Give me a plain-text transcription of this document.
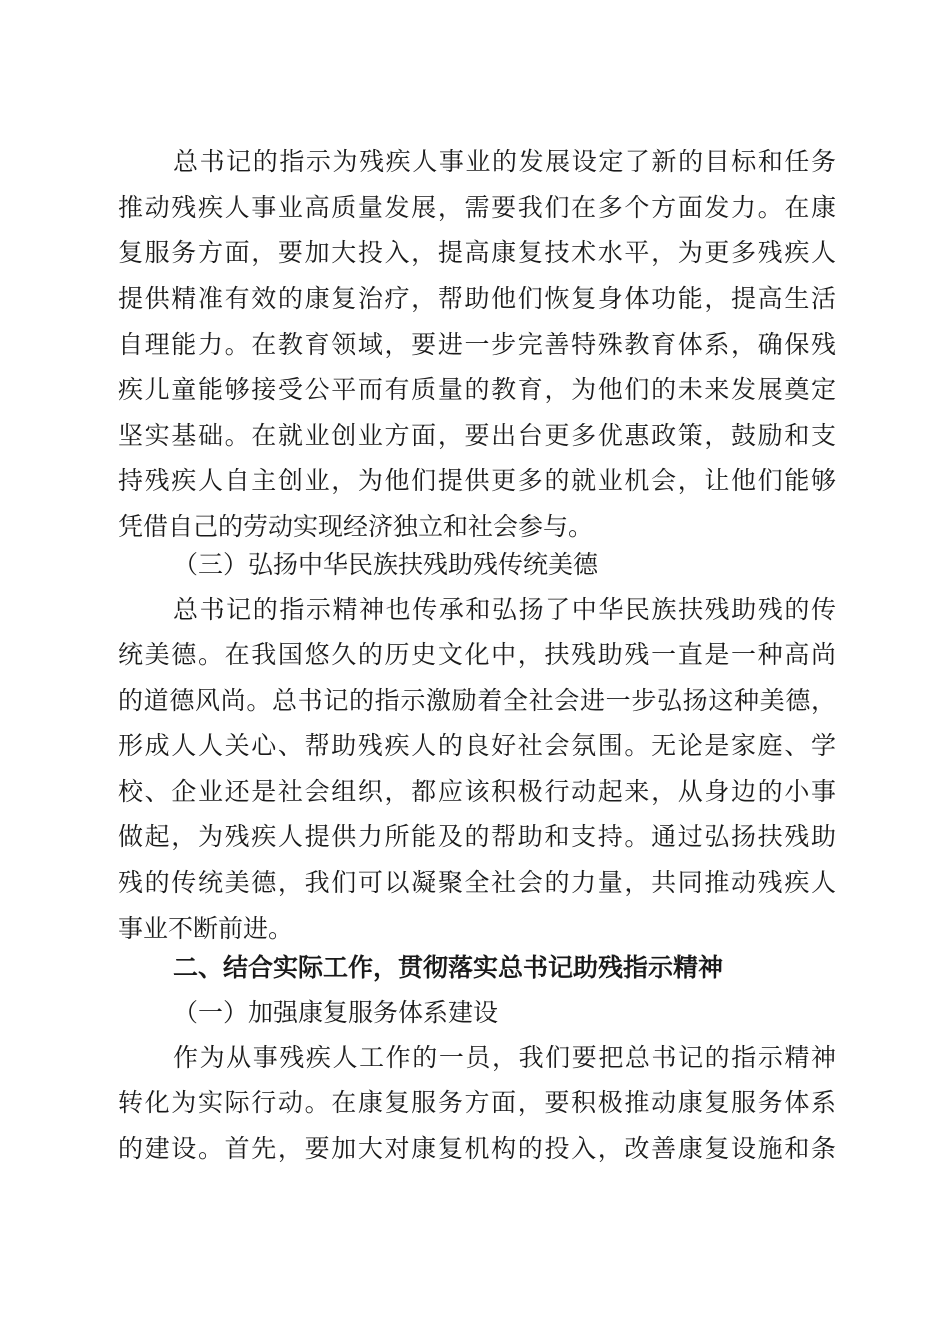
总书记的指示为残疾人事业的发展设定了新的目标和任务
推动残疾人事业高质量发展，需要我们在多个方面发力。在康
复服务方面，要加大投入，提高康复技术水平，为更多残疾人
提供精准有效的康复治疗，帮助他们恢复身体功能，提高生活
自理能力。在教育领域，要进一步完善特殊教育体系，确保残
疾儿童能够接受公平而有质量的教育，为他们的未来发展奠定
坚实基础。在就业创业方面，要出台更多优惠政策，鼓励和支
持残疾人自主创业，为他们提供更多的就业机会，让他们能够
凭借自己的劳动实现经济独立和社会参与。
（三）弘扬中华民族扶残助残传统美德
总书记的指示精神也传承和弘扬了中华民族扶残助残的传
统美德。在我国悠久的历史文化中，扶残助残一直是一种高尚
的道德风尚。总书记的指示激励着全社会进一步弘扬这种美德，
形成人人关心、帮助残疾人的良好社会氛围。无论是家庭、学
校、企业还是社会组织，都应该积极行动起来，从身边的小事
做起，为残疾人提供力所能及的帮助和支持。通过弘扬扶残助
残的传统美德，我们可以凝聚全社会的力量，共同推动残疾人
事业不断前进。
二、结合实际工作，贯彻落实总书记助残指示精神
（一）加强康复服务体系建设
作为从事残疾人工作的一员，我们要把总书记的指示精神
转化为实际行动。在康复服务方面，要积极推动康复服务体系
的建设。首先，要加大对康复机构的投入，改善康复设施和条
